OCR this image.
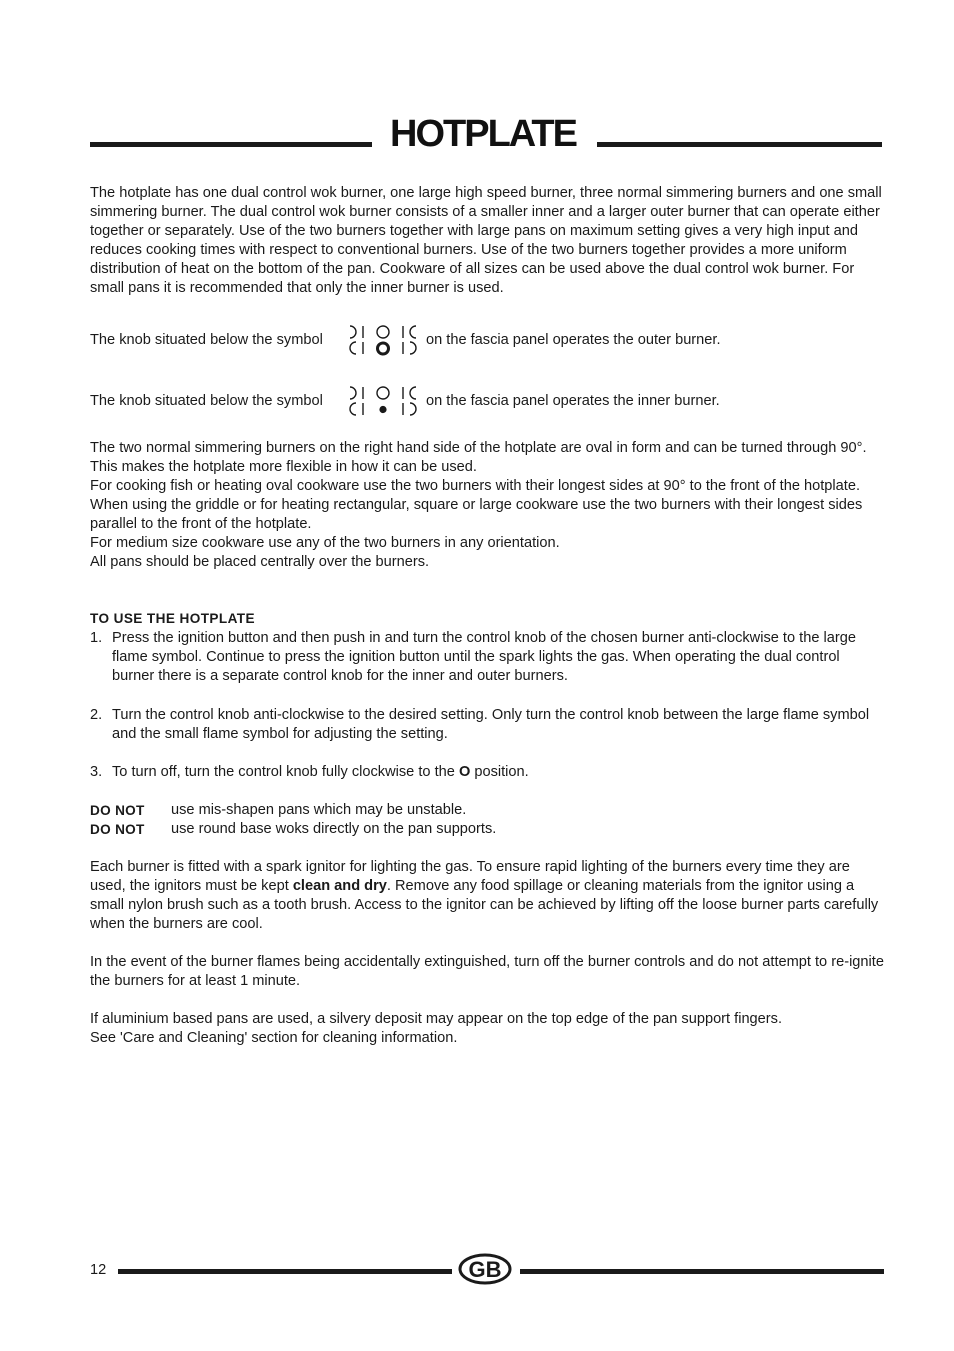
HOTPLATE

The hotplate has one dual control wok burner, one large high speed burner, three normal simmering burners and one small simmering burner. The dual control wok burner consists of a smaller inner and a larger outer burner that can operate either together or separately. Use of the two burners together with large pans on maximum setting gives a very high input and reduces cooking times with respect to conventional burners. Use of the two burners together provides a more uniform distribution of heat on the bottom of the pan. Cookware of all sizes can be used above the dual control wok burner. For small pans it is recommended that only the inner burner is used.

The knob situated below the symbol	on the fascia panel operates the outer burner.
The knob situated below the symbol	on the fascia panel operates the inner burner.
The two normal simmering burners on the right hand side of the hotplate are oval in form and can be turned through 90°. This makes the hotplate more flexible in how it can be used.
For cooking fish or heating oval cookware use the two burners with their longest sides at 90° to the front of the hotplate.
When using the griddle or for heating rectangular, square or large cookware use the two burners with their longest sides parallel to the front of the hotplate.
For medium size cookware use any of the two burners in any orientation.
All pans should be placed centrally over the burners.
TO USE THE HOTPLATE
1. Press the ignition button and then push in and turn the control knob of the chosen burner anti-clockwise to the large flame symbol. Continue to press the ignition button until the spark lights the gas. When operating the dual control burner there is a separate control knob for the inner and outer burners.
2. Turn the control knob anti-clockwise to the desired setting. Only turn the control knob between the large flame symbol and the small flame symbol for adjusting the setting.
3. To turn off, turn the control knob fully clockwise to the O position.
DO NOT use mis-shapen pans which may be unstable.
DO NOT use round base woks directly on the pan supports.

Each burner is fitted with a spark ignitor for lighting the gas. To ensure rapid lighting of the burners every time they are used, the ignitors must be kept clean and dry. Remove any food spillage or cleaning materials from the ignitor using a small nylon brush such as a tooth brush. Access to the ignitor can be achieved by lifting off the loose burner parts carefully when the burners are cool.

In the event of the burner flames being accidentally extinguished, turn off the burner controls and do not attempt to re-ignite the burners for at least 1 minute.

If aluminium based pans are used, a silvery deposit may appear on the top edge of the pan support fingers.
See 'Care and Cleaning' section for cleaning information.
12	GB
